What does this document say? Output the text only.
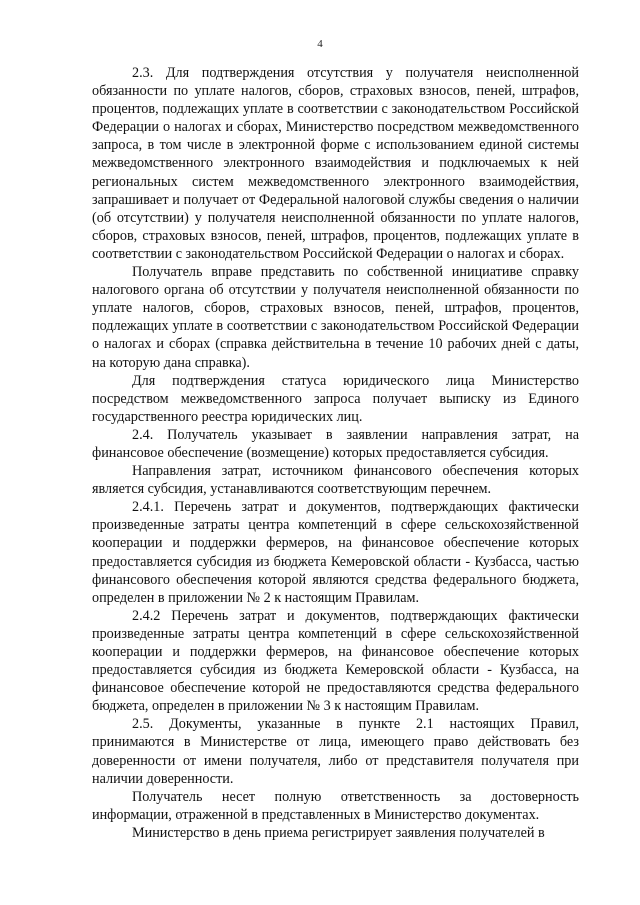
4

2.3. Для подтверждения отсутствия у получателя неисполненной обязанности по уплате налогов, сборов, страховых взносов, пеней, штрафов, процентов, подлежащих уплате в соответствии с законодательством Российской Федерации о налогах и сборах, Министерство посредством межведомственного запроса, в том числе в электронной форме с использованием единой системы межведомственного электронного взаимодействия и подключаемых к ней региональных систем межведомственного электронного взаимодействия, запрашивает и получает от Федеральной налоговой службы сведения о наличии (об отсутствии) у получателя неисполненной обязанности по уплате налогов, сборов, страховых взносов, пеней, штрафов, процентов, подлежащих уплате в соответствии с законодательством Российской Федерации о налогах и сборах.

Получатель вправе представить по собственной инициативе справку налогового органа об отсутствии у получателя неисполненной обязанности по уплате налогов, сборов, страховых взносов, пеней, штрафов, процентов, подлежащих уплате в соответствии с законодательством Российской Федерации о налогах и сборах (справка действительна в течение 10 рабочих дней с даты, на которую дана справка).

Для подтверждения статуса юридического лица Министерство посредством межведомственного запроса получает выписку из Единого государственного реестра юридических лиц.

2.4. Получатель указывает в заявлении направления затрат, на финансовое обеспечение (возмещение) которых предоставляется субсидия.

Направления затрат, источником финансового обеспечения которых является субсидия, устанавливаются соответствующим перечнем.

2.4.1. Перечень затрат и документов, подтверждающих фактически произведенные затраты центра компетенций в сфере сельскохозяйственной кооперации и поддержки фермеров, на финансовое обеспечение которых предоставляется субсидия из бюджета Кемеровской области - Кузбасса, частью финансового обеспечения которой являются средства федерального бюджета, определен в приложении № 2 к настоящим Правилам.

2.4.2 Перечень затрат и документов, подтверждающих фактически произведенные затраты центра компетенций в сфере сельскохозяйственной кооперации и поддержки фермеров, на финансовое обеспечение которых предоставляется субсидия из бюджета Кемеровской области - Кузбасса, на финансовое обеспечение которой не предоставляются средства федерального бюджета, определен в приложении № 3 к настоящим Правилам.

2.5. Документы, указанные в пункте 2.1 настоящих Правил, принимаются в Министерстве от лица, имеющего право действовать без доверенности от имени получателя, либо от представителя получателя при наличии доверенности.

Получатель несет полную ответственность за достоверность информации, отраженной в представленных в Министерство документах.

Министерство в день приема регистрирует заявления получателей в
